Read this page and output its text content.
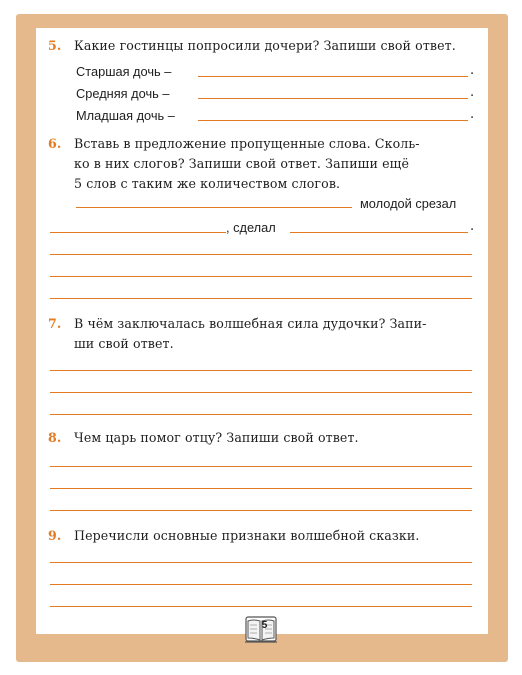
5.	Какие гостинцы попросили дочери? Запиши свой ответ.
Старшая дочь –	.
Средняя дочь –	.
Младшая дочь –	.
6.	Вставь в предложение пропущенные слова. Сколь-
ко в них слогов? Запиши свой ответ. Запиши ещё
5 слов с таким же количеством слогов.
молодой срезал
, сделал	.
7.	В чём заключалась волшебная сила дудочки? Запи-
ши свой ответ.
8.	Чем царь помог отцу? Запиши свой ответ.
9.	Перечисли основные признаки волшебной сказки.
5
